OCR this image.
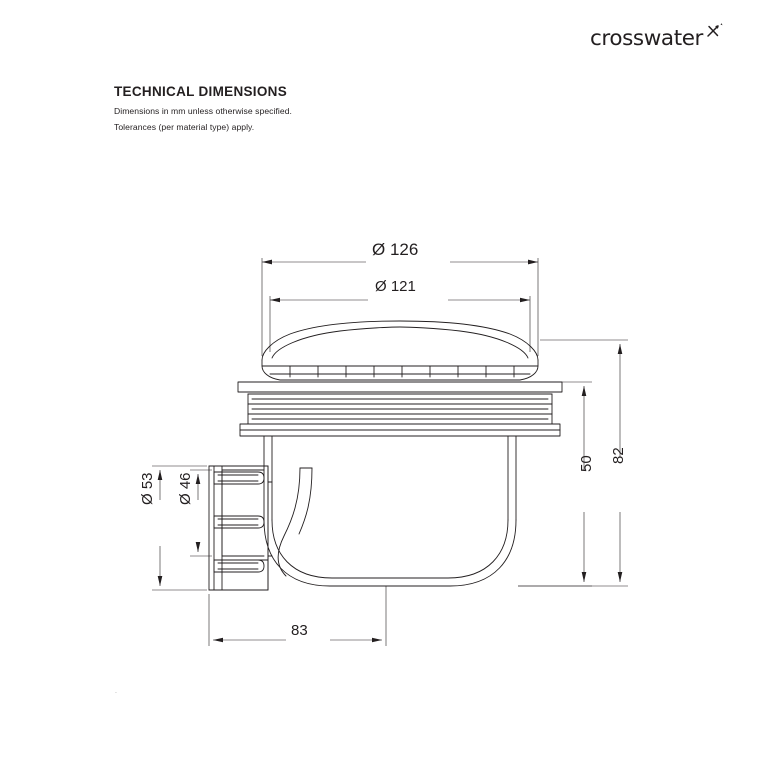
crosswater
TECHNICAL DIMENSIONS
Dimensions in mm unless otherwise specified.
Tolerances (per material type) apply.
.
Ø 126
Ø 121
82
50
Ø 53 Ø 46
83
